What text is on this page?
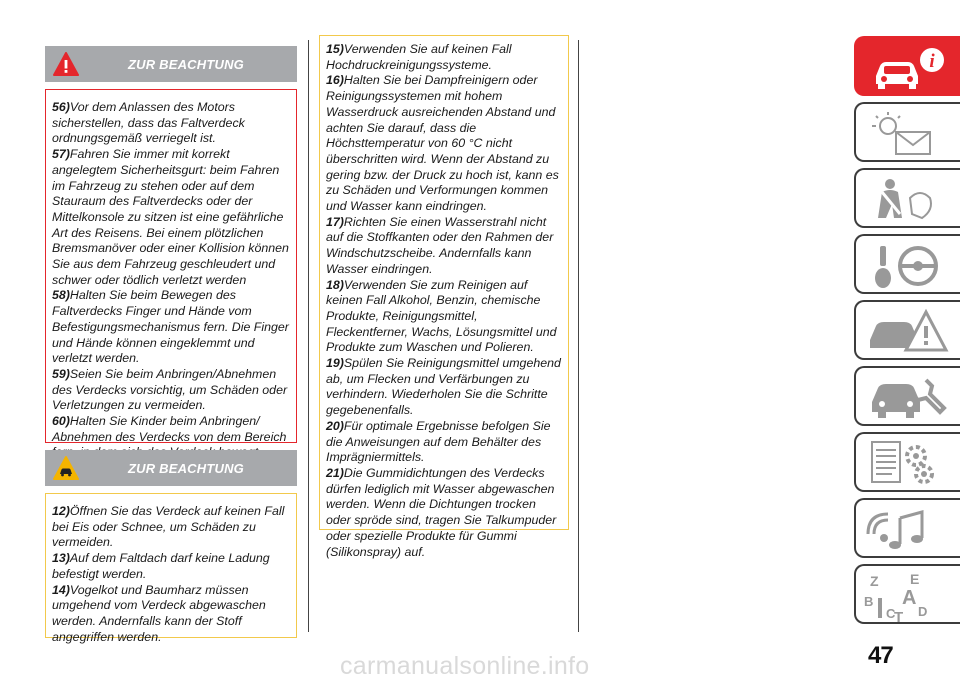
ZUR BEACHTUNG

56)Vor dem Anlassen des Motors sicherstellen, dass das Faltverdeck ordnungsgemäß verriegelt ist.

57)Fahren Sie immer mit korrekt angelegtem Sicherheitsgurt: beim Fahren im Fahrzeug zu stehen oder auf dem Stauraum des Faltverdecks oder der Mittelkonsole zu sitzen ist eine gefährliche Art des Reisens. Bei einem plötzlichen Bremsmanöver oder einer Kollision können Sie aus dem Fahrzeug geschleudert und schwer oder tödlich verletzt werden

58)Halten Sie beim Bewegen des Faltverdecks Finger und Hände vom Befestigungsmechanismus fern. Die Finger und Hände können eingeklemmt und verletzt werden.

59)Seien Sie beim Anbringen/Abnehmen des Verdecks vorsichtig, um Schäden oder Verletzungen zu vermeiden.

60)Halten Sie Kinder beim Anbringen/ Abnehmen des Verdecks von dem Bereich

ZUR BEACHTUNG

12)Öffnen Sie das Verdeck auf keinen Fall bei Eis oder Schnee, um Schäden zu vermeiden.

13)Auf dem Faltdach darf keine Ladung befestigt werden.

14)Vogelkot und Baumharz müssen umgehend vom Verdeck abgewaschen werden. Andernfalls kann der Stoff angegriffen werden.

15)Verwenden Sie auf keinen Fall Hochdruckreinigungssysteme.

16)Halten Sie bei Dampfreinigern oder Reinigungssystemen mit hohem Wasserdruck ausreichenden Abstand und achten Sie darauf, dass die Höchsttemperatur von 60 °C nicht überschritten wird. Wenn der Abstand zu gering bzw. der Druck zu hoch ist, kann es zu Schäden und Verformungen kommen und Wasser kann eindringen.

17)Richten Sie einen Wasserstrahl nicht auf die Stoffkanten oder den Rahmen der Windschutzscheibe. Andernfalls kann Wasser eindringen.

18)Verwenden Sie zum Reinigen auf keinen Fall Alkohol, Benzin, chemische Produkte, Reinigungsmittel, Fleckentferner, Wachs, Lösungsmittel und Produkte zum Waschen und Polieren.

19)Spülen Sie Reinigungsmittel umgehend ab, um Flecken und Verfärbungen zu verhindern. Wiederholen Sie die Schritte gegebenenfalls.

20)Für optimale Ergebnisse befolgen Sie die Anweisungen auf dem Behälter des Imprägniermittels.

21)Die Gummidichtungen des Verdecks dürfen lediglich mit Wasser abgewaschen werden. Wenn die Dichtungen trocken oder spröde sind, tragen Sie Talkumpuder oder spezielle Produkte für Gummi (Silikonspray) auf.

i
Z E
B A
C
T D
47
carmanualsonline.info
